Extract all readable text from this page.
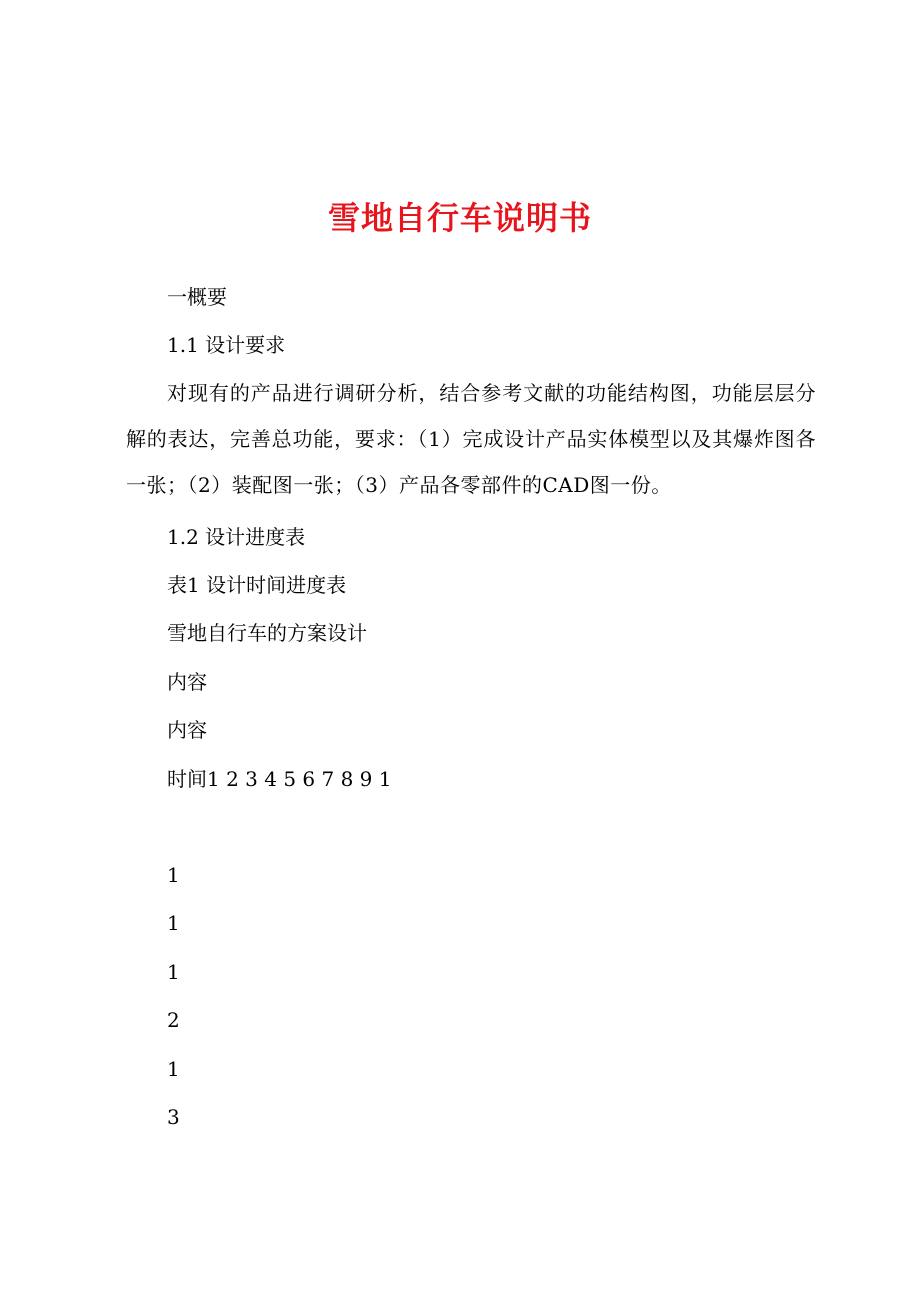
雪地自行车说明书
一概要
1.1 设计要求
对现有的产品进行调研分析，结合参考文献的功能结构图，功能层层分解的表达，完善总功能，要求：（1）完成设计产品实体模型以及其爆炸图各一张；（2）装配图一张；（3）产品各零部件的CAD图一份。
1.2 设计进度表
表1 设计时间进度表
雪地自行车的方案设计
内容
内容
时间1 2 3 4 5 6 7 8 9 1
1
1
1
2
1
3
